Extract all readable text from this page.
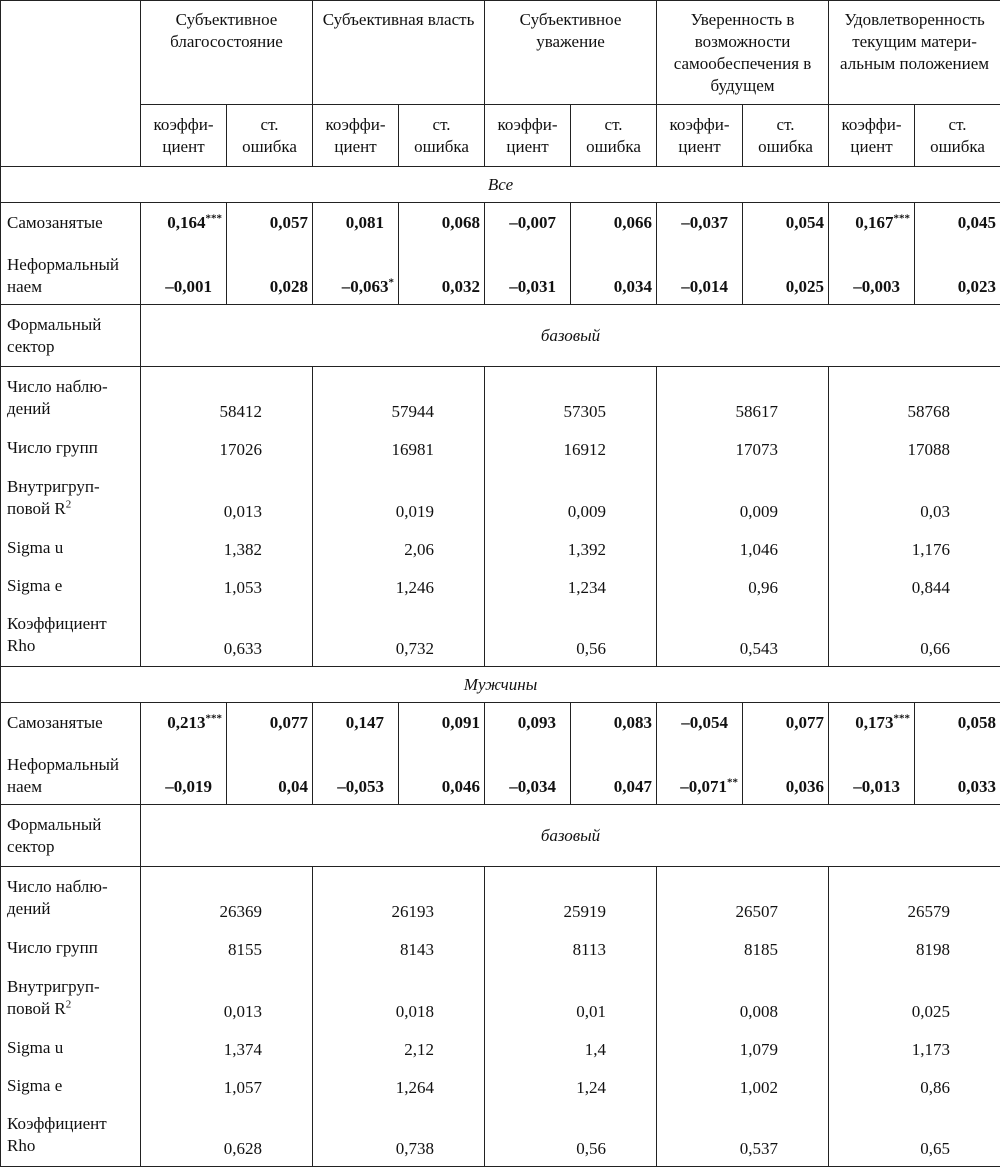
	Субъективное благосостояние		Субъективная власть		Субъективное уважение		Уверенность в возможности самообеспечения в будущем		Удовлетворенность текущим матери- альным положением	
	коэффи- циент	ст. ошибка	коэффи- циент	ст. ошибка	коэффи- циент	ст. ошибка	коэффи- циент	ст. ошибка	коэффи- циент	ст. ошибка
Все										
Самозанятые	0,164***	0,057	0,081	0,068	–0,007	0,066	–0,037	0,054	0,167***	0,045
Неформальный наем	–0,001	0,028	–0,063*	0,032	–0,031	0,034	–0,014	0,025	–0,003	0,023
Формальный сектор	базовый									
Число наблю- дений	58412		57944		57305		58617		58768	
Число групп	17026		16981		16912		17073		17088	
Внутригруп- повой $R^2$	0,013		0,019		0,009		0,009		0,03	
Sigma u	1,382		2,06		1,392		1,046		1,176	
Sigma e	1,053		1,246		1,234		0,96		0,844	
Коэффициент Rho	0,633		0,732		0,56		0,543		0,66	
Мужчины										
Самозанятые	0,213***	0,077	0,147	0,091	0,093	0,083	–0,054	0,077	0,173***	0,058
Неформальный наем	–0,019	0,04	–0,053	0,046	–0,034	0,047	–0,071**	0,036	–0,013	0,033
Формальный сектор	базовый									
Число наблю- дений	26369		26193		25919		26507		26579	
Число групп	8155		8143		8113		8185		8198	
Внутригруп- повой $R^2$	0,013		0,018		0,01		0,008		0,025	
Sigma u	1,374		2,12		1,4		1,079		1,173	
Sigma e	1,057		1,264		1,24		1,002		0,86	
Коэффициент Rho	0,628		0,738		0,56		0,537		0,65	
